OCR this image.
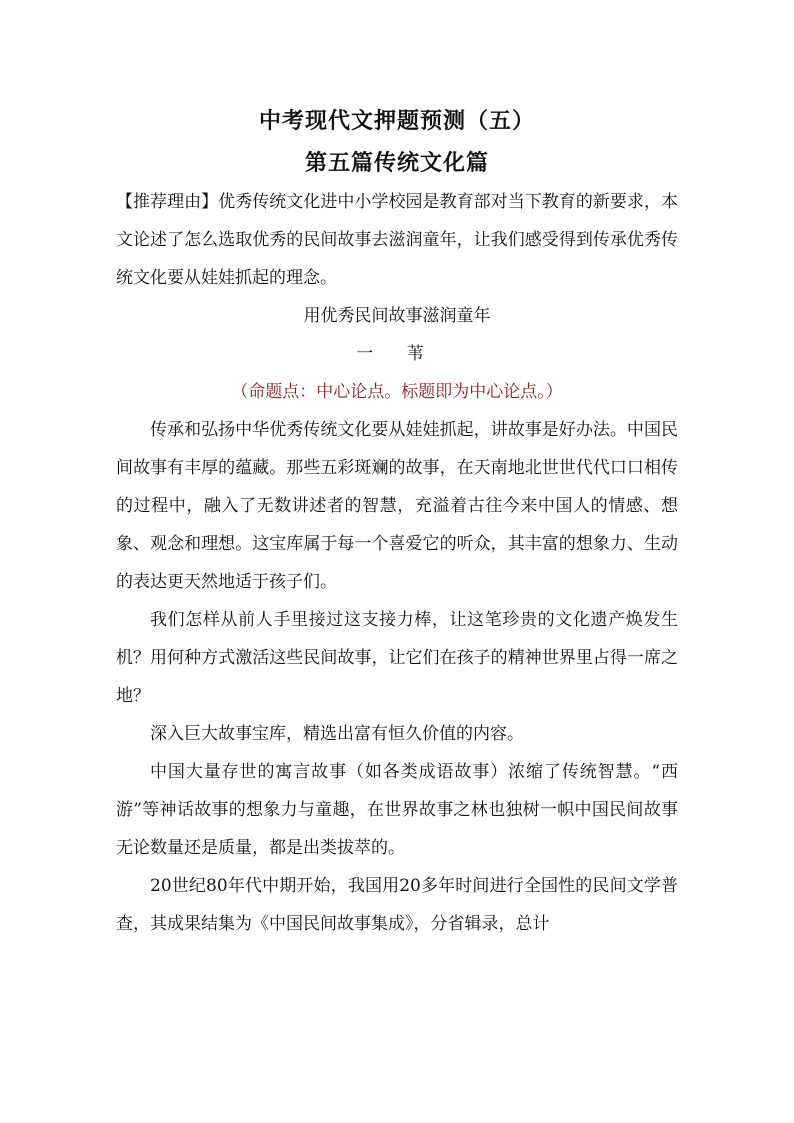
中考现代文押题预测（五）
第五篇传统文化篇

【推荐理由】优秀传统文化进中小学校园是教育部对当下教育的新要求，本文论述了怎么选取优秀的民间故事去滋润童年，让我们感受得到传承优秀传统文化要从娃娃抓起的理念。

用优秀民间故事滋润童年

一 苇

（命题点：中心论点。标题即为中心论点。）

传承和弘扬中华优秀传统文化要从娃娃抓起，讲故事是好办法。中国民间故事有丰厚的蕴藏。那些五彩斑斓的故事，在天南地北世世代代口口相传的过程中，融入了无数讲述者的智慧，充溢着古往今来中国人的情感、想象、观念和理想。这宝库属于每一个喜爱它的听众，其丰富的想象力、生动的表达更天然地适于孩子们。

我们怎样从前人手里接过这支接力棒，让这笔珍贵的文化遗产焕发生机？用何种方式激活这些民间故事，让它们在孩子的精神世界里占得一席之地？

深入巨大故事宝库，精选出富有恒久价值的内容。

中国大量存世的寓言故事（如各类成语故事）浓缩了传统智慧。“西游”等神话故事的想象力与童趣，在世界故事之林也独树一帜中国民间故事无论数量还是质量，都是出类拔萃的。

20世纪80年代中期开始，我国用20多年时间进行全国性的民间文学普查，其成果结集为《中国民间故事集成》，分省辑录，总计
